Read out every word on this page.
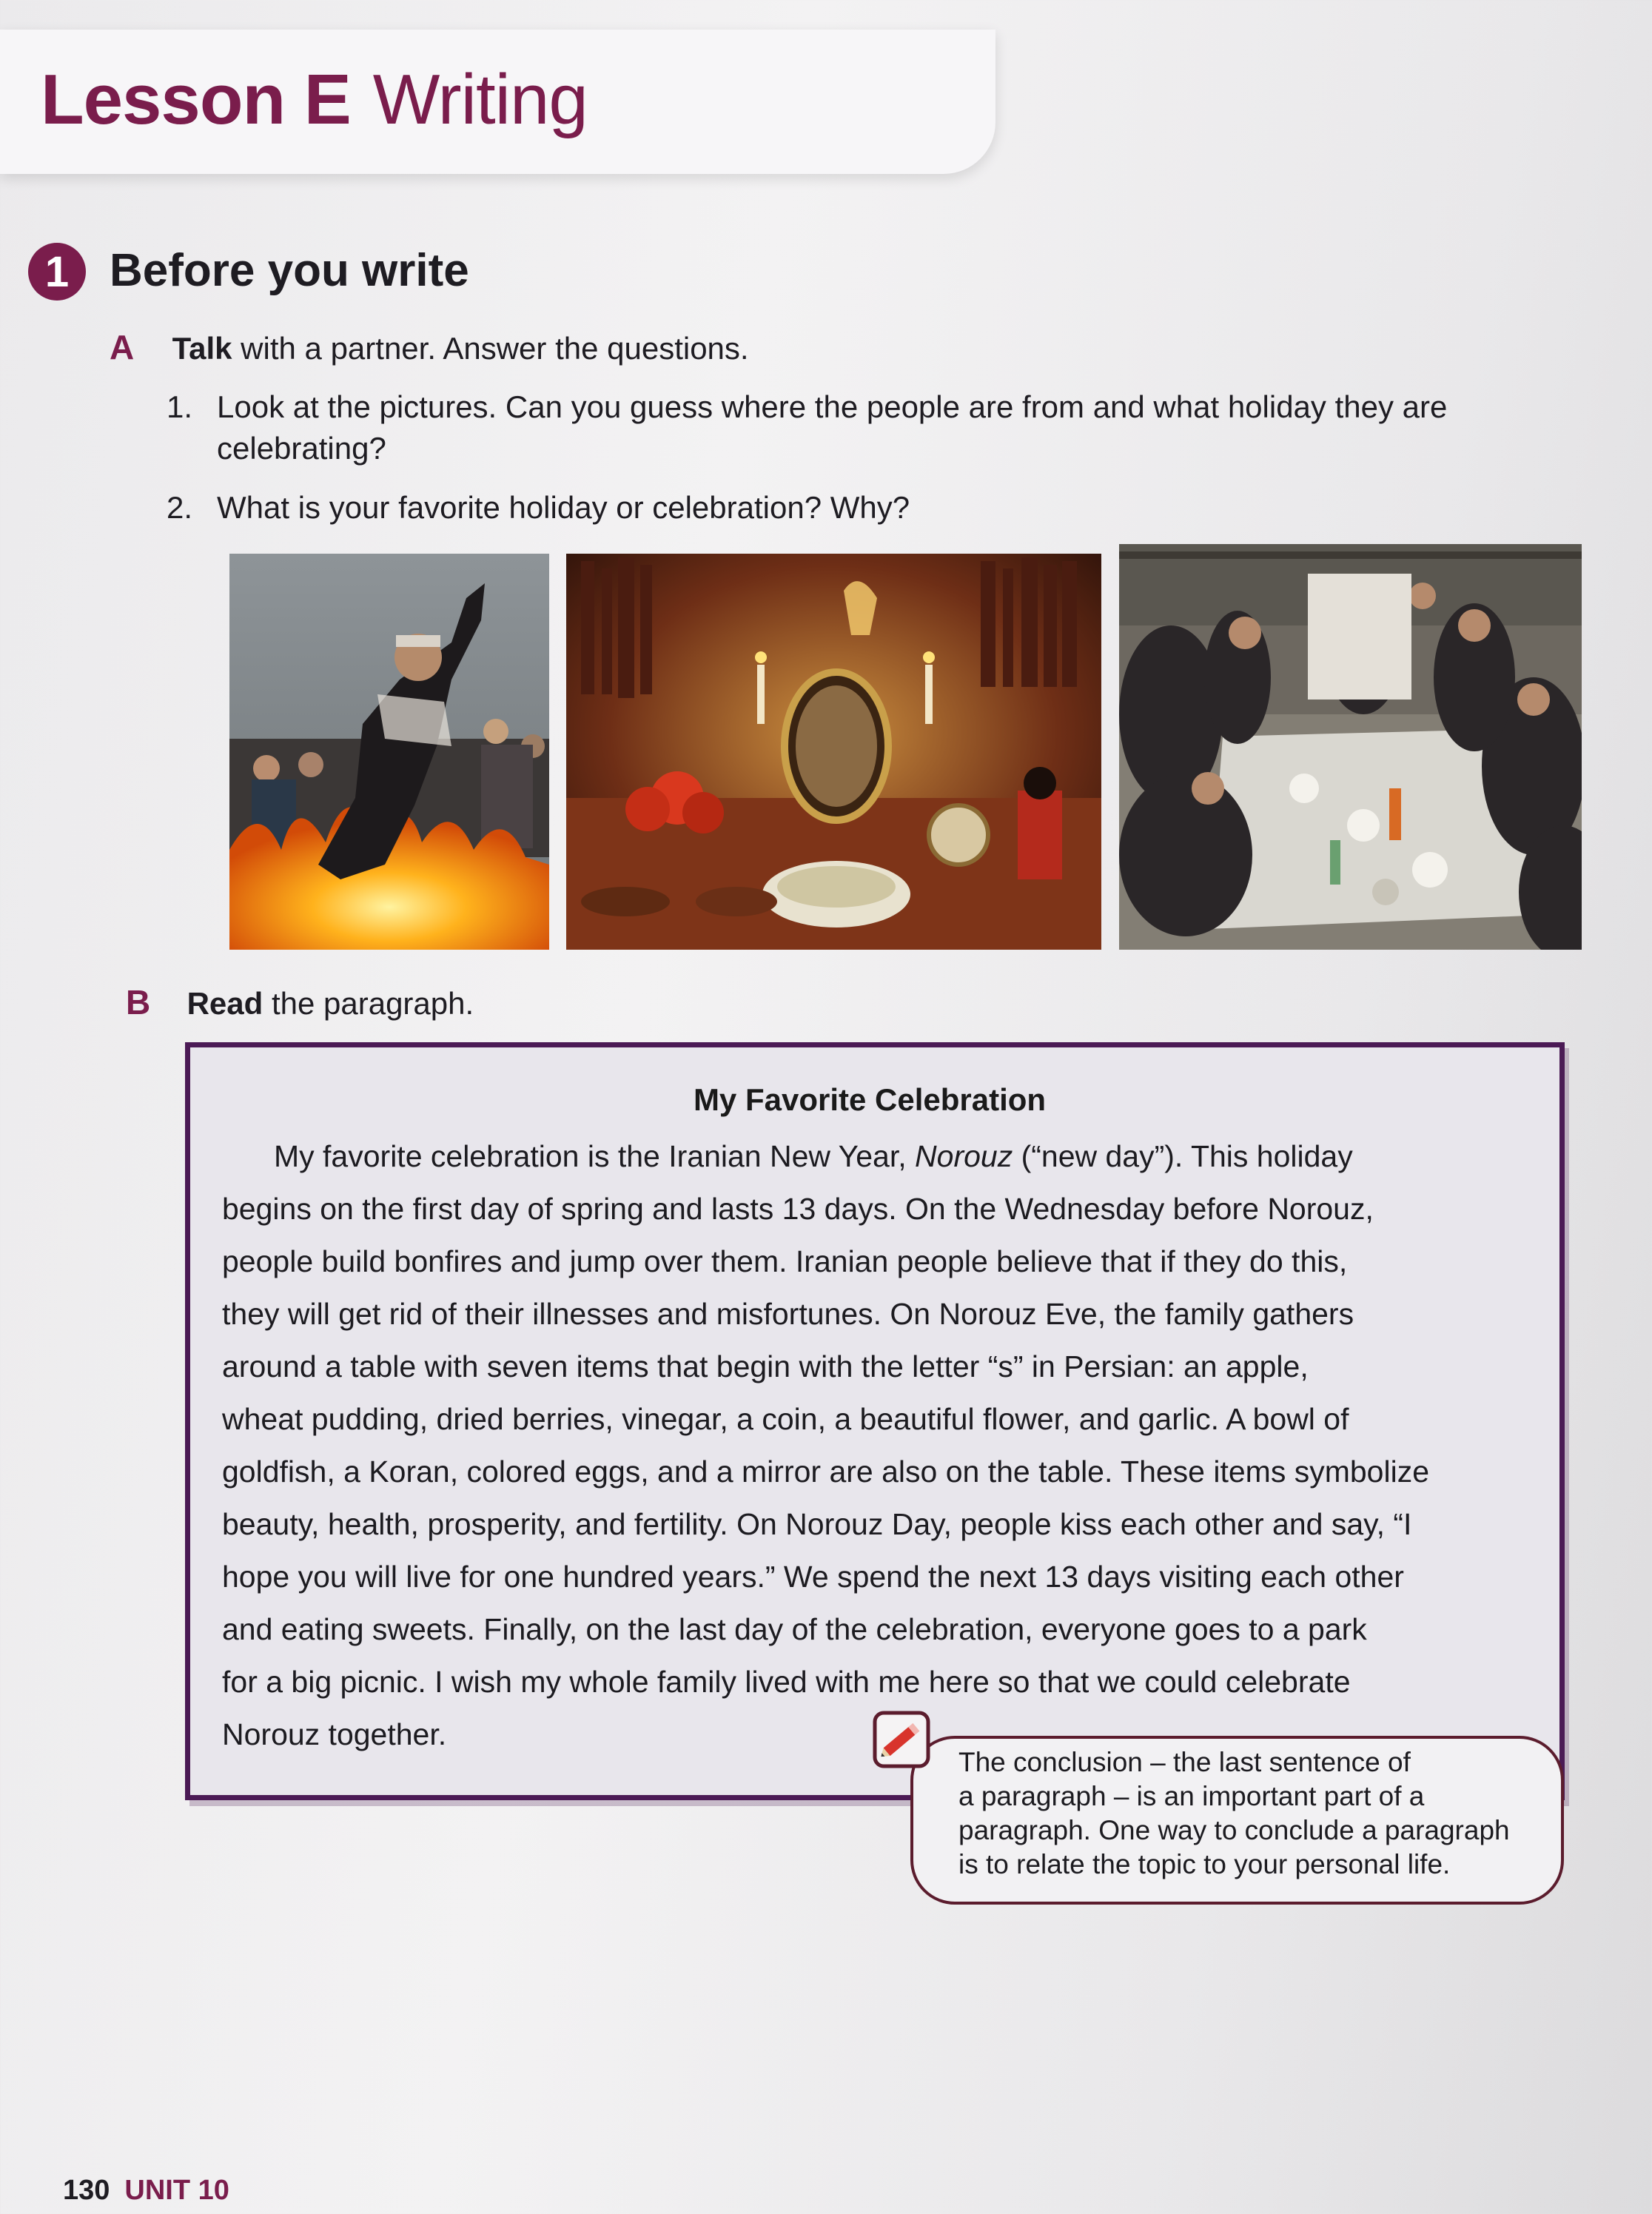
Lesson E Writing
1 Before you write
A Talk with a partner. Answer the questions.
1. Look at the pictures. Can you guess where the people are from and what holiday they are celebrating?
2. What is your favorite holiday or celebration? Why?
B Read the paragraph.
My Favorite Celebration
My favorite celebration is the Iranian New Year, Norouz (“new day”). This holiday
begins on the first day of spring and lasts 13 days. On the Wednesday before Norouz,
people build bonfires and jump over them. Iranian people believe that if they do this,
they will get rid of their illnesses and misfortunes. On Norouz Eve, the family gathers
around a table with seven items that begin with the letter “s” in Persian: an apple,
wheat pudding, dried berries, vinegar, a coin, a beautiful flower, and garlic. A bowl of
goldfish, a Koran, colored eggs, and a mirror are also on the table. These items symbolize
beauty, health, prosperity, and fertility. On Norouz Day, people kiss each other and say, “I
hope you will live for one hundred years.” We spend the next 13 days visiting each other
and eating sweets. Finally, on the last day of the celebration, everyone goes to a park
for a big picnic. I wish my whole family lived with me here so that we could celebrate
Norouz together.
The conclusion – the last sentence of
a paragraph – is an important part of a
paragraph. One way to conclude a paragraph
is to relate the topic to your personal life.
130 UNIT 10
